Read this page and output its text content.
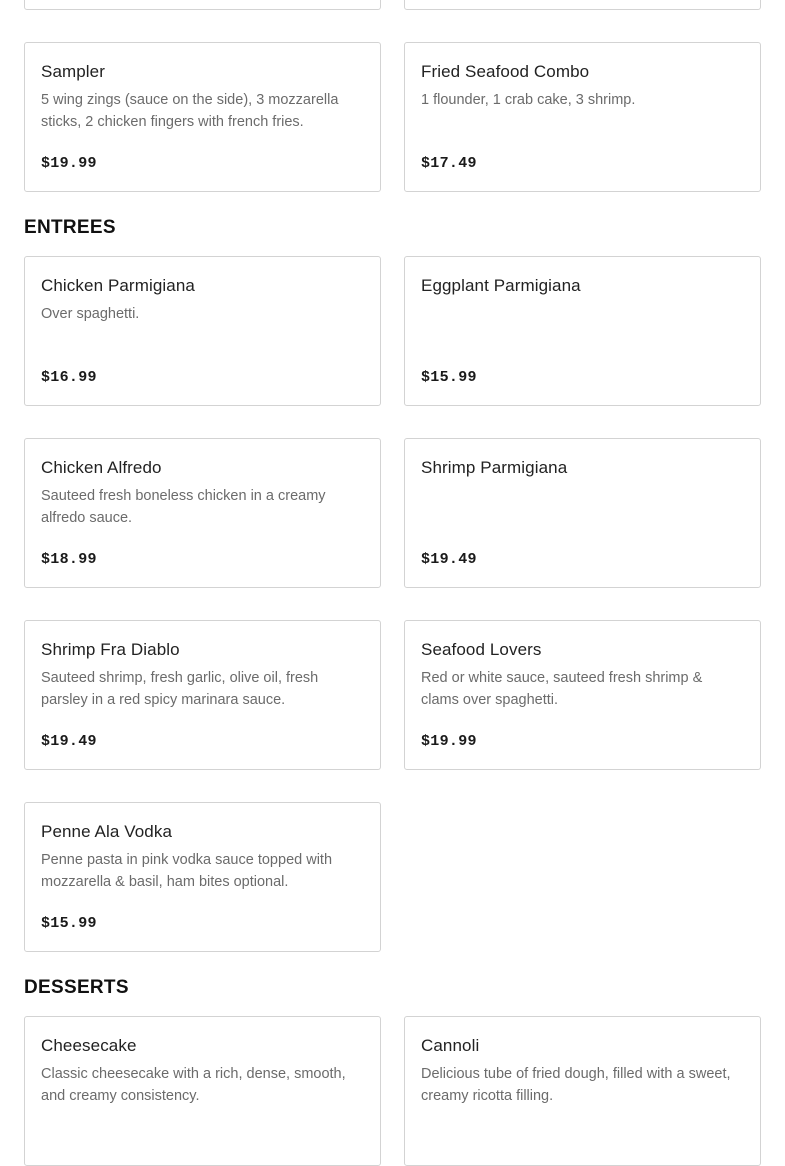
Sampler
5 wing zings (sauce on the side), 3 mozzarella sticks, 2 chicken fingers with french fries.
$19.99
Fried Seafood Combo
1 flounder, 1 crab cake, 3 shrimp.
$17.49
ENTREES
Chicken Parmigiana
Over spaghetti.
$16.99
Eggplant Parmigiana
$15.99
Chicken Alfredo
Sauteed fresh boneless chicken in a creamy alfredo sauce.
$18.99
Shrimp Parmigiana
$19.49
Shrimp Fra Diablo
Sauteed shrimp, fresh garlic, olive oil, fresh parsley in a red spicy marinara sauce.
$19.49
Seafood Lovers
Red or white sauce, sauteed fresh shrimp & clams over spaghetti.
$19.99
Penne Ala Vodka
Penne pasta in pink vodka sauce topped with mozzarella & basil, ham bites optional.
$15.99
DESSERTS
Cheesecake
Classic cheesecake with a rich, dense, smooth, and creamy consistency.
Cannoli
Delicious tube of fried dough, filled with a sweet, creamy ricotta filling.
